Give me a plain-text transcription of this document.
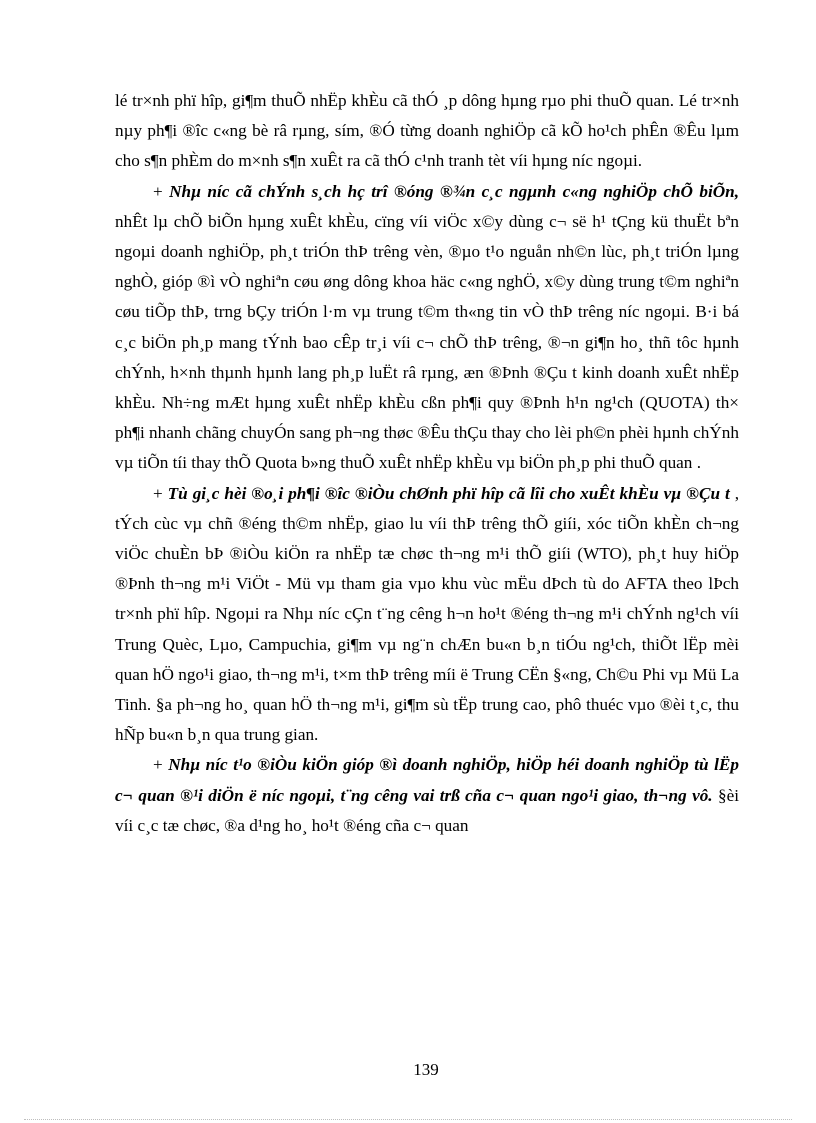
lé tr×nh phï hîp, gi¶m thuÕ nhËp khÈu cã thÓ ¸p dông hµng rµo phi thuÕ quan. Lé tr×nh nµy ph¶i ®îc c«ng bè râ rµng, sím, ®Ó từng doanh nghiÖp cã kÕ ho¹ch phÊn ®Êu lµm cho s¶n phÈm do m×nh s¶n xuÊt ra cã thÓ c¹nh tranh tèt víi hµng níc ngoµi.

+ Nhµ níc cã chÝnh s¸ch hç trî ®óng ®¾n c¸c ngµnh c«ng nghiÖp chÕ biÕn, nhÊt lµ chÕ biÕn hµng xuÊt khÈu, cïng víi viÖc x©y dùng c¬ së h¹ tÇng kü thuËt bªn ngoµi doanh nghiÖp, ph¸t triÓn thÞ trêng vèn, ®µo t¹o nguån nh©n lùc, ph¸t triÓn lµng nghÒ, gióp ®ì vÒ nghiªn cøu øng dông khoa häc c«ng nghÖ, x©y dùng trung t©m nghiªn cøu tiÕp thÞ, trng bÇy triÓn l·m vµ trung t©m th«ng tin vÒ thÞ trêng níc ngoµi. B·i bá c¸c biÖn ph¸p mang tÝnh bao cÊp tr¸i víi c¬ chÕ thÞ trêng, ®¬n gi¶n ho¸ thñ tôc hµnh chÝnh, h×nh thµnh hµnh lang ph¸p luËt râ rµng, æn ®Þnh ®Çu t kinh doanh xuÊt nhËp khÈu. Nh÷ng mÆt hµng xuÊt nhËp khÈu cßn ph¶i quy ®Þnh h¹n ng¹ch (QUOTA) th× ph¶i nhanh chãng chuyÓn sang ph¬ng thøc ®Êu thÇu thay cho lèi ph©n phèi hµnh chÝnh vµ tiÕn tíi thay thÕ Quota b»ng thuÕ xuÊt nhËp khÈu vµ biÖn ph¸p phi thuÕ quan .

+ Tù gi¸c hèi ®o¸i ph¶i ®îc ®iÒu chØnh phï hîp cã lîi cho xuÊt khÈu vµ ®Çu t , tÝch cùc vµ chñ ®éng th©m nhËp, giao lu víi thÞ trêng thÕ giíi, xóc tiÕn khÈn ch¬ng viÖc chuÈn bÞ ®iÒu kiÖn ra nhËp tæ chøc th¬ng m¹i thÕ giíi (WTO), ph¸t huy hiÖp ®Þnh th¬ng m¹i ViÖt - Mü vµ tham gia vµo khu vùc mËu dÞch tù do AFTA theo lÞch tr×nh phï hîp. Ngoµi ra Nhµ níc cÇn t¨ng cêng h¬n ho¹t ®éng th¬ng m¹i chÝnh ng¹ch víi Trung Quèc, Lµo, Campuchia, gi¶m vµ ng¨n chÆn bu«n b¸n tiÓu ng¹ch, thiÕt lËp mèi quan hÖ ngo¹i giao, th¬ng m¹i, t×m thÞ trêng míi ë Trung CËn §«ng, Ch©u Phi vµ Mü La Tinh. §a ph¬ng ho¸ quan hÖ th¬ng m¹i, gi¶m sù tËp trung cao, phô thuéc vµo ®èi t¸c, thu hÑp bu«n b¸n qua trung gian.

+ Nhµ níc t¹o ®iÒu kiÖn gióp ®ì doanh nghiÖp, hiÖp héi doanh nghiÖp tù lËp c¬ quan ®¹i diÖn ë níc ngoµi, t¨ng cêng vai trß cña c¬ quan ngo¹i giao, th¬ng vô. §èi víi c¸c tæ chøc, ®a d¹ng ho¸ ho¹t ®éng cña c¬ quan

139
